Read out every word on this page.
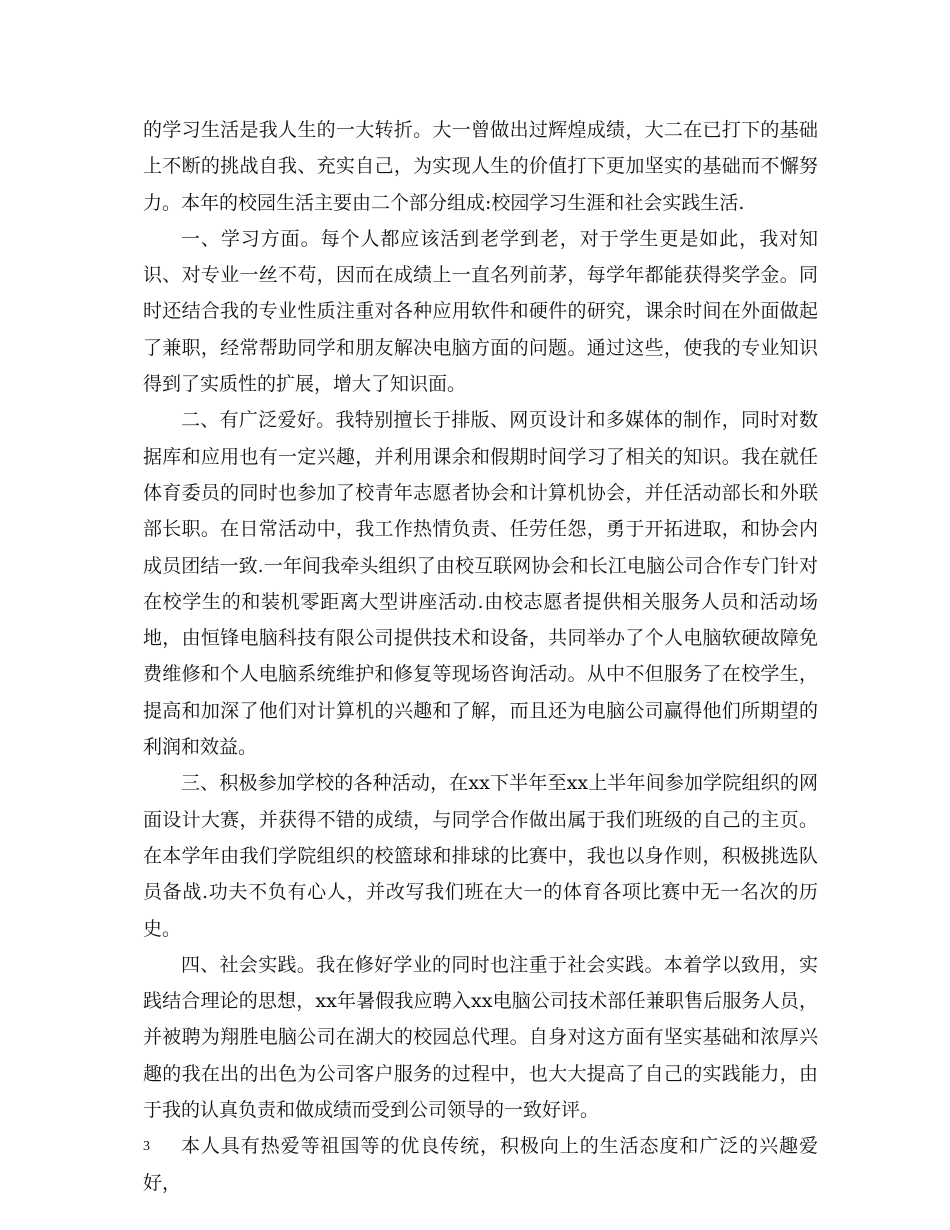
的学习生活是我人生的一大转折。大一曾做出过辉煌成绩，大二在已打下的基础上不断的挑战自我、充实自己，为实现人生的价值打下更加坚实的基础而不懈努力。本年的校园生活主要由二个部分组成:校园学习生涯和社会实践生活.

一、学习方面。每个人都应该活到老学到老，对于学生更是如此，我对知识、对专业一丝不苟，因而在成绩上一直名列前茅，每学年都能获得奖学金。同时还结合我的专业性质注重对各种应用软件和硬件的研究，课余时间在外面做起了兼职，经常帮助同学和朋友解决电脑方面的问题。通过这些，使我的专业知识得到了实质性的扩展，增大了知识面。

二、有广泛爱好。我特别擅长于排版、网页设计和多媒体的制作，同时对数据库和应用也有一定兴趣，并利用课余和假期时间学习了相关的知识。我在就任体育委员的同时也参加了校青年志愿者协会和计算机协会，并任活动部长和外联部长职。在日常活动中，我工作热情负责、任劳任怨，勇于开拓进取，和协会内成员团结一致.一年间我牵头组织了由校互联网协会和长江电脑公司合作专门针对在校学生的和装机零距离大型讲座活动.由校志愿者提供相关服务人员和活动场地，由恒锋电脑科技有限公司提供技术和设备，共同举办了个人电脑软硬故障免费维修和个人电脑系统维护和修复等现场咨询活动。从中不但服务了在校学生，提高和加深了他们对计算机的兴趣和了解，而且还为电脑公司赢得他们所期望的利润和效益。

三、积极参加学校的各种活动，在xx下半年至xx上半年间参加学院组织的网面设计大赛，并获得不错的成绩，与同学合作做出属于我们班级的自己的主页。在本学年由我们学院组织的校篮球和排球的比赛中，我也以身作则，积极挑选队员备战.功夫不负有心人，并改写我们班在大一的体育各项比赛中无一名次的历史。

四、社会实践。我在修好学业的同时也注重于社会实践。本着学以致用，实践结合理论的思想，xx年暑假我应聘入xx电脑公司技术部任兼职售后服务人员，并被聘为翔胜电脑公司在湖大的校园总代理。自身对这方面有坚实基础和浓厚兴趣的我在出的出色为公司客户服务的过程中，也大大提高了自己的实践能力，由于我的认真负责和做成绩而受到公司领导的一致好评。

本人具有热爱等祖国等的优良传统，积极向上的生活态度和广泛的兴趣爱好，

3
